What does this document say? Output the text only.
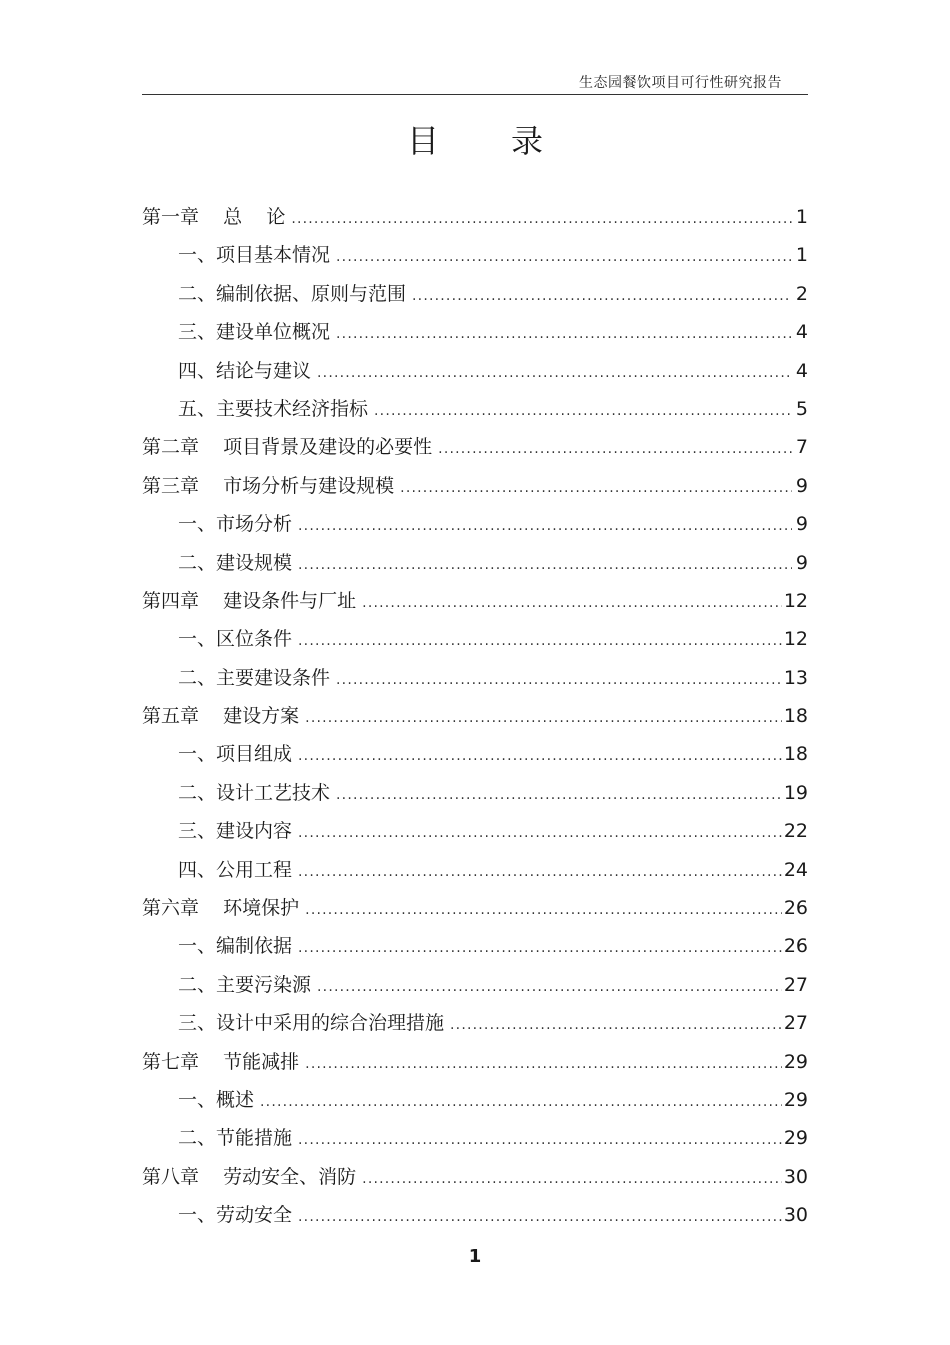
生态园餐饮项目可行性研究报告
目录
第一章    总    论 .....	1
一、项目基本情况 .....	1
二、编制依据、原则与范围 .....	2
三、建设单位概况 .....	4
四、结论与建议 .....	4
五、主要技术经济指标 .....	5
第二章    项目背景及建设的必要性 .....	7
第三章    市场分析与建设规模 .....	9
一、市场分析 .....	9
二、建设规模 .....	9
第四章    建设条件与厂址 .....	12
一、区位条件 .....	12
二、主要建设条件 .....	13
第五章    建设方案 .....	18
一、项目组成 .....	18
二、设计工艺技术 .....	19
三、建设内容 .....	22
四、公用工程 .....	24
第六章    环境保护 .....	26
一、编制依据 .....	26
二、主要污染源 .....	27
三、设计中采用的综合治理措施 .....	27
第七章    节能减排 .....	29
一、概述 .....	29
二、节能措施 .....	29
第八章    劳动安全、消防 .....	30
一、劳动安全 .....	30
1
